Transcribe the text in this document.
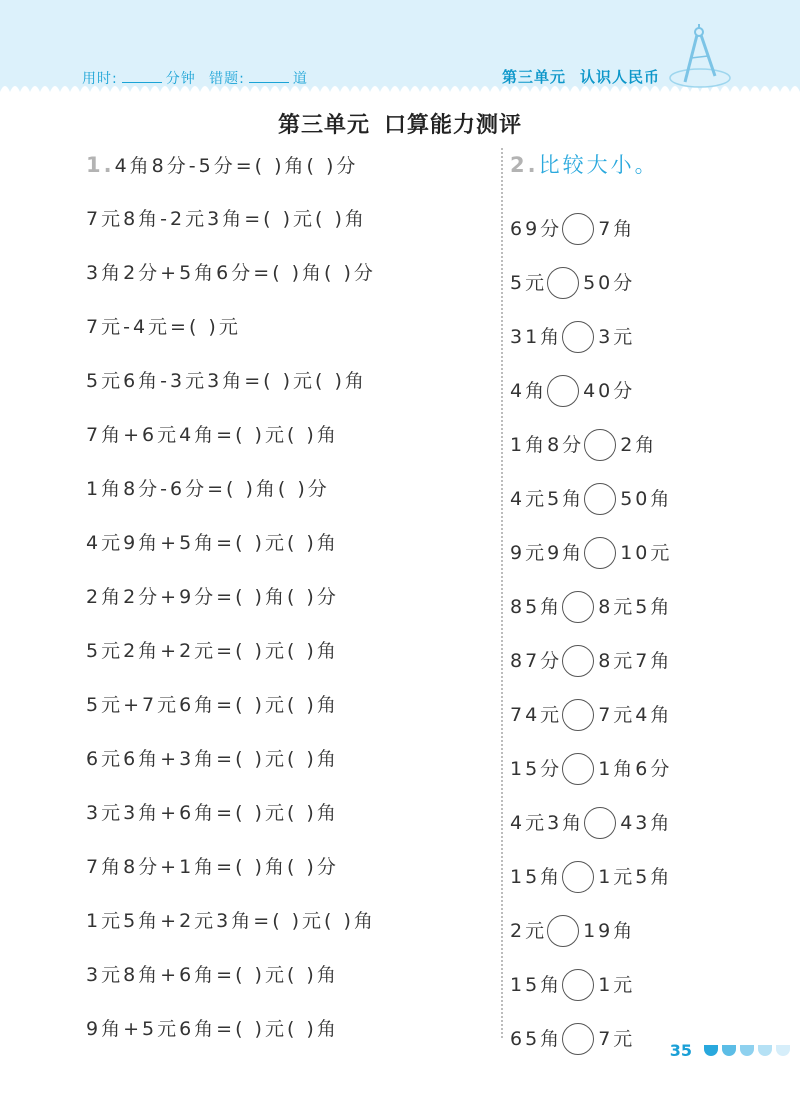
用时:	分钟 错题:	道	第三单元 认识人民币
第三单元 口算能力测评
1.4角8分-5分=( )角( )分
7元8角-2元3角=( )元( )角
3角2分+5角6分=( )角( )分
7元-4元=( )元
5元6角-3元3角=( )元( )角
7角+6元4角=( )元( )角
1角8分-6分=( )角( )分
4元9角+5角=( )元( )角
2角2分+9分=( )角( )分
5元2角+2元=( )元( )角
5元+7元6角=( )元( )角
6元6角+3角=( )元( )角
3元3角+6角=( )元( )角
7角8分+1角=( )角( )分
1元5角+2元3角=( )元( )角
3元8角+6角=( )元( )角
9角+5元6角=( )元( )角
2.比较大小。
69分 7角
5元 50分
31角 3元
4角 40分
1角8分 2角
4元5角 50角
9元9角 10元
85角 8元5角
87分 8元7角
74元 7元4角
15分 1角6分
4元3角 43角
15角 1元5角
2元 19角
15角 1元
65角 7元
35
